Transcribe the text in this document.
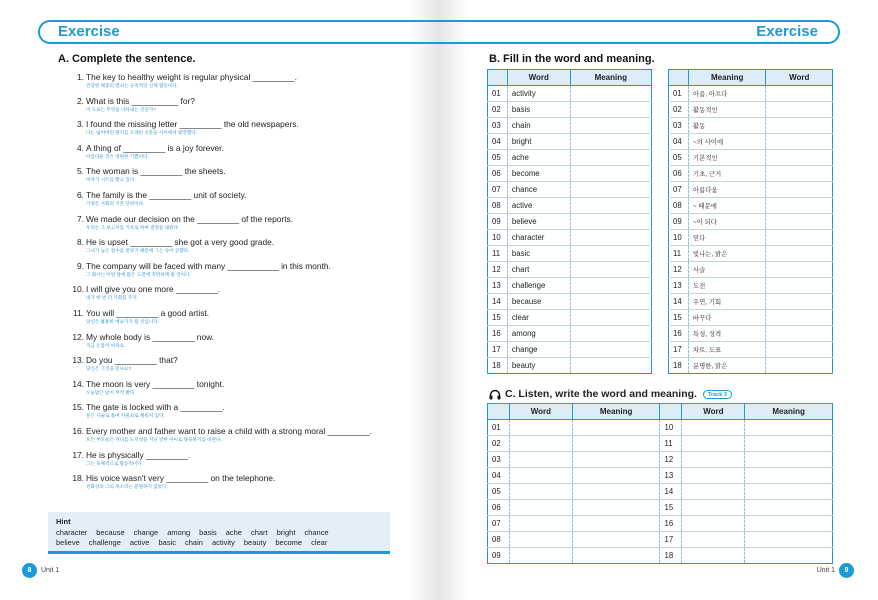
Exercise
A. Complete the sentence.
1. The key to healthy weight is regular physical _________.
건강한 체중의 열쇠는 규칙적인 신체 활동이다.
2. What is this __________ for?
이 도표는 무엇을 나타내는 것인가?
3. I found the missing letter _________ the old newspapers.
나는 잃어버린 편지를 오래된 신문들 사이에서 발견했다.
4. A thing of _________ is a joy forever.
아름다운 것은 영원한 기쁨이다.
5. The woman is _________ the sheets.
여자가 시트를 빨고 있다.
6. The family is the _________ unit of society.
가정은 사회의 기본 단위이다.
7. We made our decision on the _________ of the reports.
우리는 그 보고서를 기초로 하여 결정을 내렸다.
8. He is upset _________ she got a very good grade.
그녀가 높은 점수를 받았기 때문에 그는 속이 상했다.
9. The company will be faced with many ___________ in this month.
그 회사는 이번 달에 많은 도전에 직면하게 될 것이다.
10. I will give you one more _________.
네가 한 번 더 기회를 주지.
11. You will _________ a good artist.
당신은 훌륭한 예술가가 될 것입니다.
12. My whole body is _________ now.
지금 온몸이 아파요.
13. Do you _________ that?
당신은 그것을 믿나요?
14. The moon is very _________ tonight.
오늘밤은 달이 무척 밝다.
15. The gate is locked with a _________.
문은 사슬로 묶여 자물쇠로 채워져 있다.
16. Every mother and father want to raise a child with a strong moral _________.
모든 부모들은 자녀를 도덕성을 지닌 강한 아이로 양육하기를 바란다.
17. He is physically _________.
그는 육체적으로 활동적이다.
18. His voice wasn't very _________ on the telephone.
전화상의 그의 목소리는 분명하지 않았다.
Hint
character because change among basis ache chart bright chance
believe challenge active basic chain activity beauty become clear
8	Unit 1
Exercise
B. Fill in the word and meaning.
	Word	Meaning
01	activity	
02	basis	
03	chain	
04	bright	
05	ache	
06	become	
07	chance	
08	active	
09	believe	
10	character	
11	basic	
12	chart	
13	challenge	
14	because	
15	clear	
16	among	
17	change	
18	beauty	
	Meaning	Word
01	아픔, 아프다	
02	활동적인	
03	활동	
04	~의 사이에	
05	기본적인	
06	기초, 근거	
07	아름다움	
08	~ 때문에	
09	~이 되다	
10	믿다	
11	빛나는, 밝은	
12	사슬	
13	도전	
14	우연, 기회	
15	바꾸다	
16	특성, 성격	
17	차트, 도표	
18	분명한, 맑은	
C. Listen, write the word and meaning.	Track 3
	Word	Meaning		Word	Meaning
01			10		
02			11		
03			12		
04			13		
05			14		
06			15		
07			16		
08			17		
09			18		
Unit 1	9
